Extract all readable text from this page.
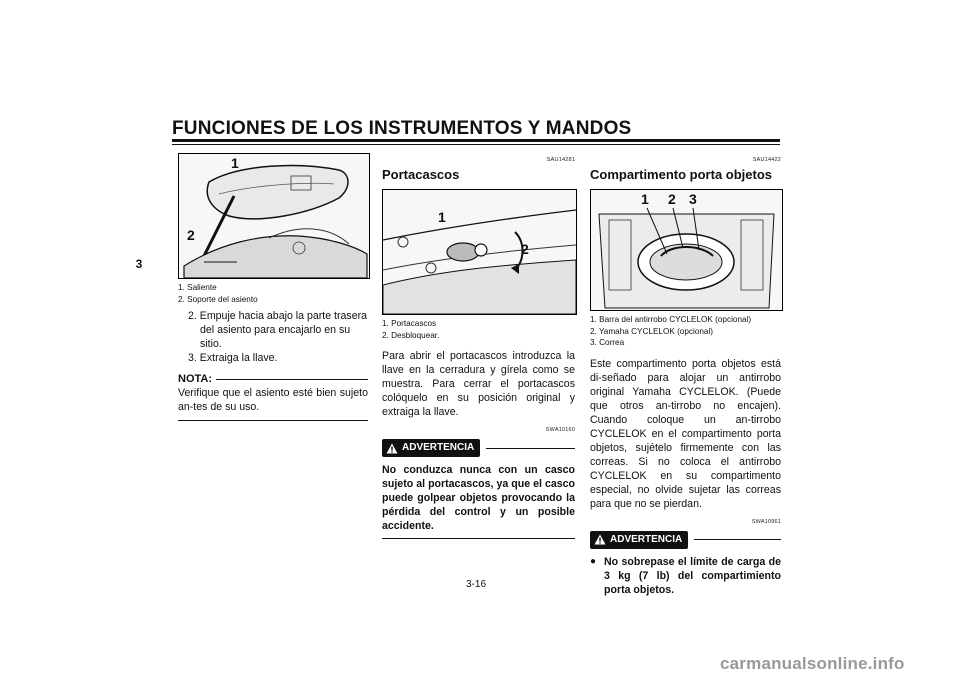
FUNCIONES DE LOS INSTRUMENTOS Y MANDOS
3
1
2
1. Saliente
2. Soporte del asiento
2. Empuje hacia abajo la parte trasera del asiento para encajarlo en su sitio.
3. Extraiga la llave.
NOTA:

Verifique que el asiento esté bien sujeto an-tes de su uso.

SAU14281
Portacascos
1
2
1. Portacascos
2. Desbloquear.

Para abrir el portacascos introduzca la llave en la cerradura y gírela como se muestra. Para cerrar el portacascos colóquelo en su posición original y extraiga la llave.

SWA10160
ADVERTENCIA

No conduzca nunca con un casco sujeto al portacascos, ya que el casco puede golpear objetos provocando la pérdida del control y un posible accidente.

SAU14422
Compartimento porta objetos
1 2 3
1. Barra del antirrobo CYCLELOK (opcional)
2. Yamaha CYCLELOK (opcional)
3. Correa

Este compartimento porta objetos está di-señado para alojar un antirrobo original Yamaha CYCLELOK. (Puede que otros an-tirrobo no encajen). Cuando coloque un an-tirrobo CYCLELOK en el compartimento porta objetos, sujételo firmemente con las correas. Si no coloca el antirrobo CYCLELOK en su compartimento especial, no olvide sujetar las correas para que no se pierdan.

SWA10961
ADVERTENCIA
● No sobrepase el límite de carga de 3 kg (7 lb) del compartimiento porta objetos.
3-16
carmanualsonline.info
